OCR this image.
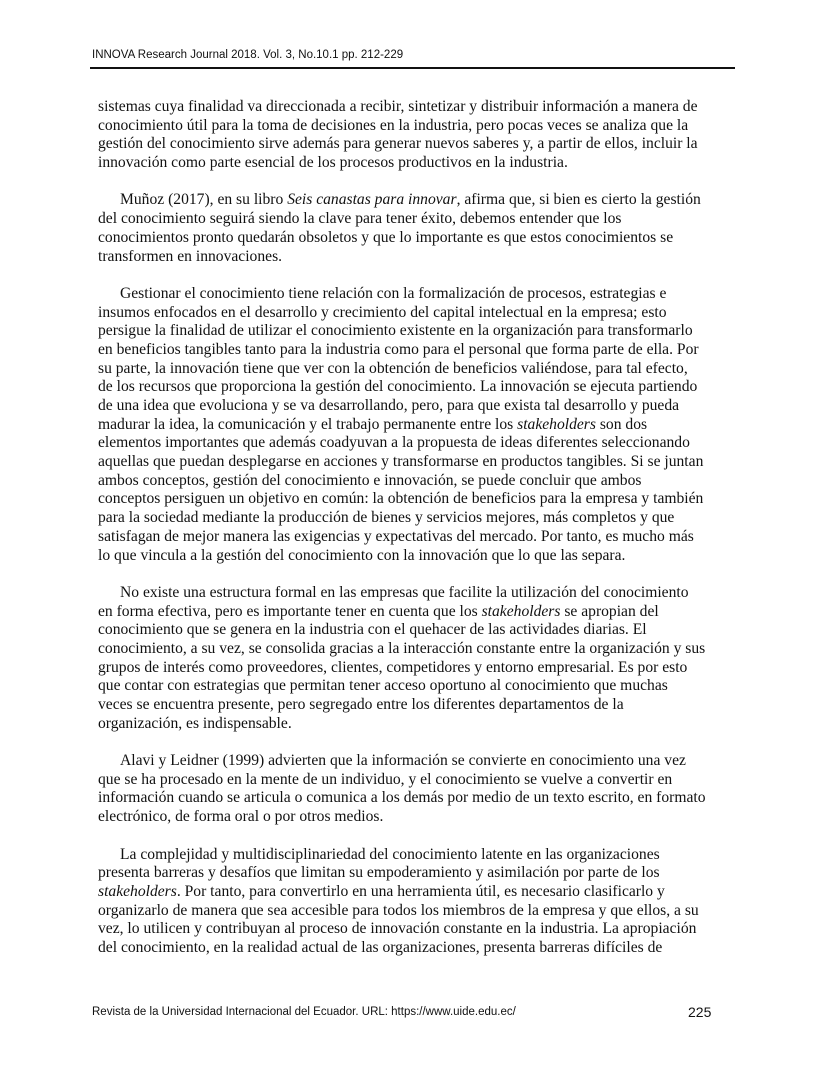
INNOVA Research Journal 2018. Vol. 3, No.10.1 pp. 212-229
sistemas cuya finalidad va direccionada a recibir, sintetizar y distribuir información a manera de
conocimiento útil para la toma de decisiones en la industria, pero pocas veces se analiza que la
gestión del conocimiento sirve además para generar nuevos saberes y, a partir de ellos, incluir la
innovación como parte esencial de los procesos productivos en la industria.
Muñoz (2017), en su libro Seis canastas para innovar, afirma que, si bien es cierto la gestión
del conocimiento seguirá siendo la clave para tener éxito, debemos entender que los
conocimientos pronto quedarán obsoletos y que lo importante es que estos conocimientos se
transformen en innovaciones.
Gestionar el conocimiento tiene relación con la formalización de procesos, estrategias e
insumos enfocados en el desarrollo y crecimiento del capital intelectual en la empresa; esto
persigue la finalidad de utilizar el conocimiento existente en la organización para transformarlo
en beneficios tangibles tanto para la industria como para el personal que forma parte de ella. Por
su parte, la innovación tiene que ver con la obtención de beneficios valiéndose, para tal efecto,
de los recursos que proporciona la gestión del conocimiento. La innovación se ejecuta partiendo
de una idea que evoluciona y se va desarrollando, pero, para que exista tal desarrollo y pueda
madurar la idea, la comunicación y el trabajo permanente entre los stakeholders son dos
elementos importantes que además coadyuvan a la propuesta de ideas diferentes seleccionando
aquellas que puedan desplegarse en acciones y transformarse en productos tangibles. Si se juntan
ambos conceptos, gestión del conocimiento e innovación, se puede concluir que ambos
conceptos persiguen un objetivo en común: la obtención de beneficios para la empresa y también
para la sociedad mediante la producción de bienes y servicios mejores, más completos y que
satisfagan de mejor manera las exigencias y expectativas del mercado. Por tanto, es mucho más
lo que vincula a la gestión del conocimiento con la innovación que lo que las separa.
No existe una estructura formal en las empresas que facilite la utilización del conocimiento
en forma efectiva, pero es importante tener en cuenta que los stakeholders se apropian del
conocimiento que se genera en la industria con el quehacer de las actividades diarias. El
conocimiento, a su vez, se consolida gracias a la interacción constante entre la organización y sus
grupos de interés como proveedores, clientes, competidores y entorno empresarial. Es por esto
que contar con estrategias que permitan tener acceso oportuno al conocimiento que muchas
veces se encuentra presente, pero segregado entre los diferentes departamentos de la
organización, es indispensable.
Alavi y Leidner (1999) advierten que la información se convierte en conocimiento una vez
que se ha procesado en la mente de un individuo, y el conocimiento se vuelve a convertir en
información cuando se articula o comunica a los demás por medio de un texto escrito, en formato
electrónico, de forma oral o por otros medios.
La complejidad y multidisciplinariedad del conocimiento latente en las organizaciones
presenta barreras y desafíos que limitan su empoderamiento y asimilación por parte de los
stakeholders. Por tanto, para convertirlo en una herramienta útil, es necesario clasificarlo y
organizarlo de manera que sea accesible para todos los miembros de la empresa y que ellos, a su
vez, lo utilicen y contribuyan al proceso de innovación constante en la industria. La apropiación
del conocimiento, en la realidad actual de las organizaciones, presenta barreras difíciles de
Revista de la Universidad Internacional del Ecuador. URL: https://www.uide.edu.ec/	225
